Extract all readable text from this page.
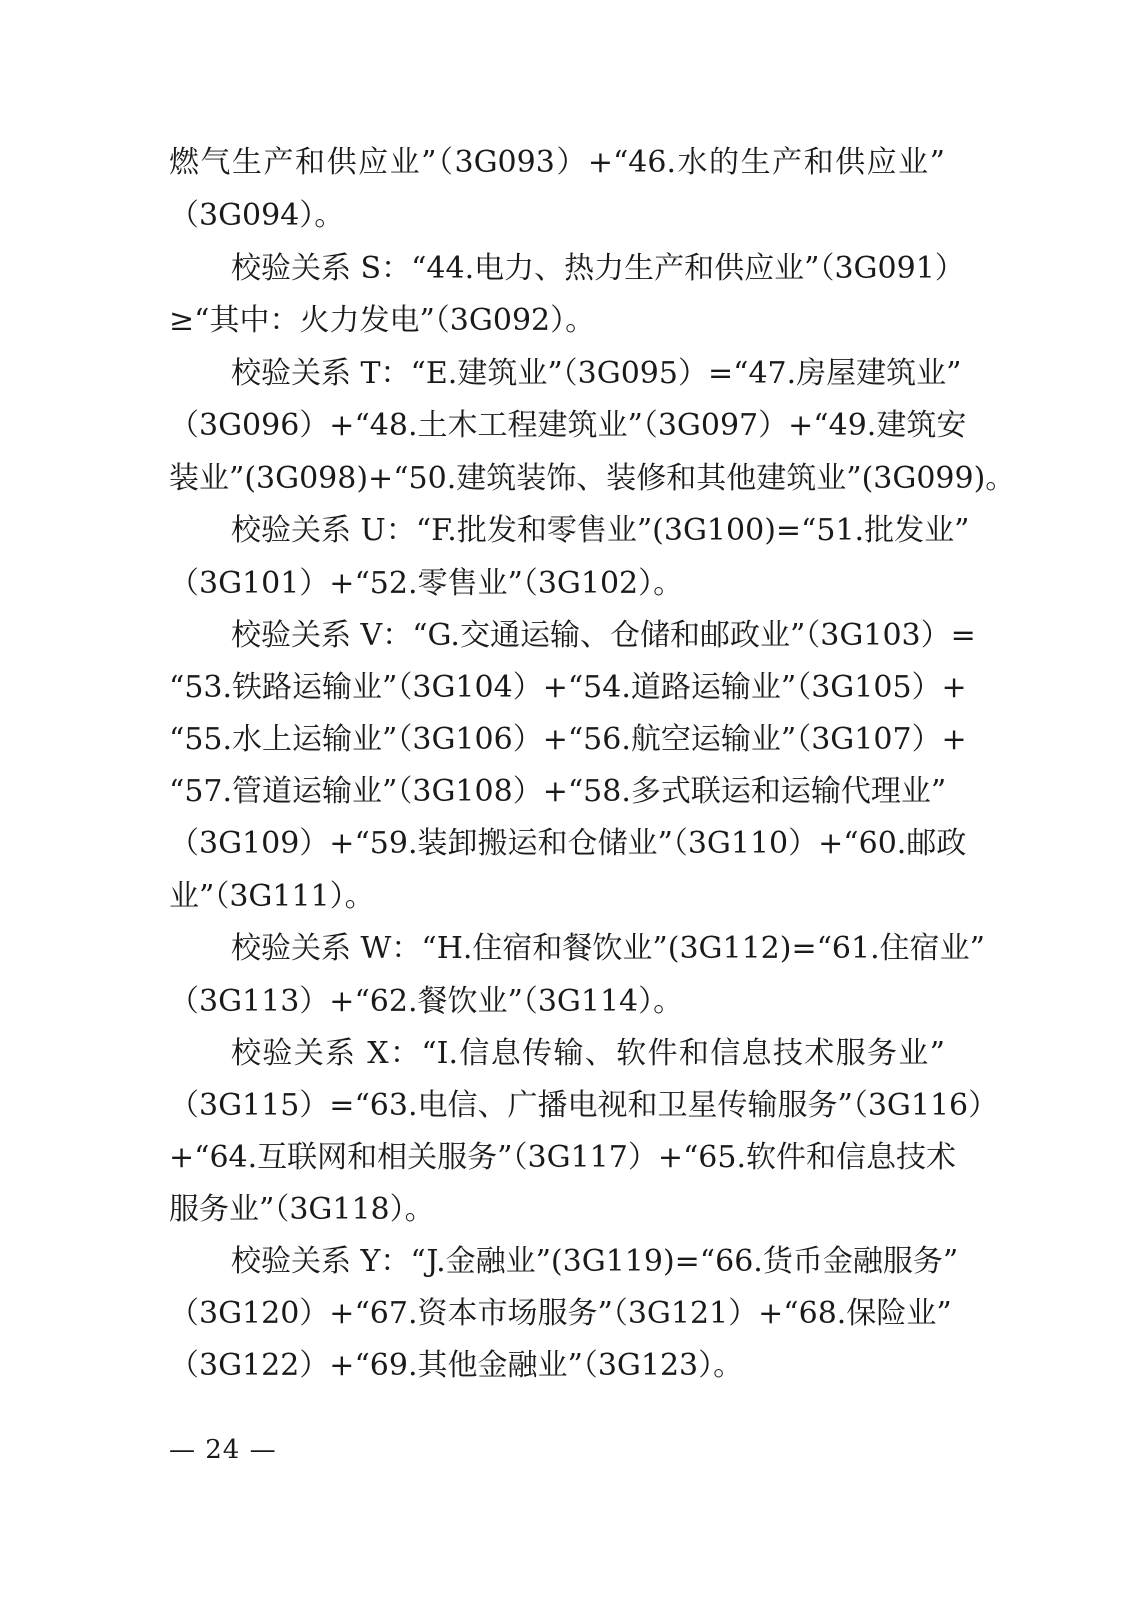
燃气生产和供应业”（3G093）+“46.水的生产和供应业”
（3G094）。
校验关系 S：“44.电力、热力生产和供应业”（3G091）
≥“其中：火力发电”（3G092）。
校验关系 T：“E.建筑业”（3G095）=“47.房屋建筑业”
（3G096）+“48.土木工程建筑业”（3G097）+“49.建筑安
装业”(3G098)+“50.建筑装饰、装修和其他建筑业”(3G099)。
校验关系 U：“F.批发和零售业”(3G100)=“51.批发业”
（3G101）+“52.零售业”（3G102）。
校验关系 V：“G.交通运输、仓储和邮政业”（3G103）=
“53.铁路运输业”（3G104）+“54.道路运输业”（3G105）+
“55.水上运输业”（3G106）+“56.航空运输业”（3G107）+
“57.管道运输业”（3G108）+“58.多式联运和运输代理业”
（3G109）+“59.装卸搬运和仓储业”（3G110）+“60.邮政
业”（3G111）。
校验关系 W：“H.住宿和餐饮业”(3G112)=“61.住宿业”
（3G113）+“62.餐饮业”（3G114）。
校验关系 X：“I.信息传输、软件和信息技术服务业”
（3G115）=“63.电信、广播电视和卫星传输服务”（3G116）
+“64.互联网和相关服务”（3G117）+“65.软件和信息技术
服务业”（3G118）。
校验关系 Y：“J.金融业”(3G119)=“66.货币金融服务”
（3G120）+“67.资本市场服务”（3G121）+“68.保险业”
（3G122）+“69.其他金融业”（3G123）。
— 24 —
